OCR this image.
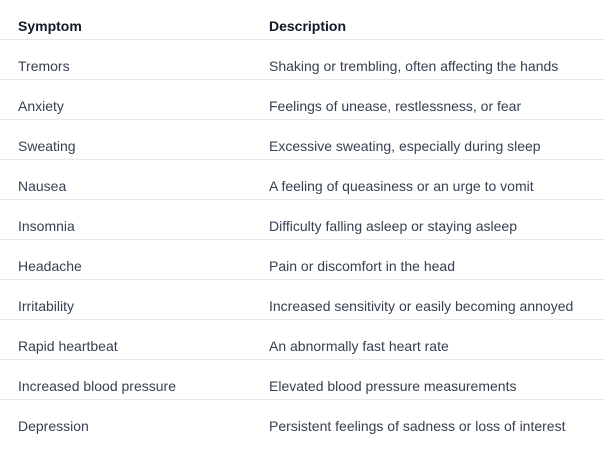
Symptom	Description
Tremors	Shaking or trembling, often affecting the hands
Anxiety	Feelings of unease, restlessness, or fear
Sweating	Excessive sweating, especially during sleep
Nausea	A feeling of queasiness or an urge to vomit
Insomnia	Difficulty falling asleep or staying asleep
Headache	Pain or discomfort in the head
Irritability	Increased sensitivity or easily becoming annoyed
Rapid heartbeat	An abnormally fast heart rate
Increased blood pressure	Elevated blood pressure measurements
Depression	Persistent feelings of sadness or loss of interest
